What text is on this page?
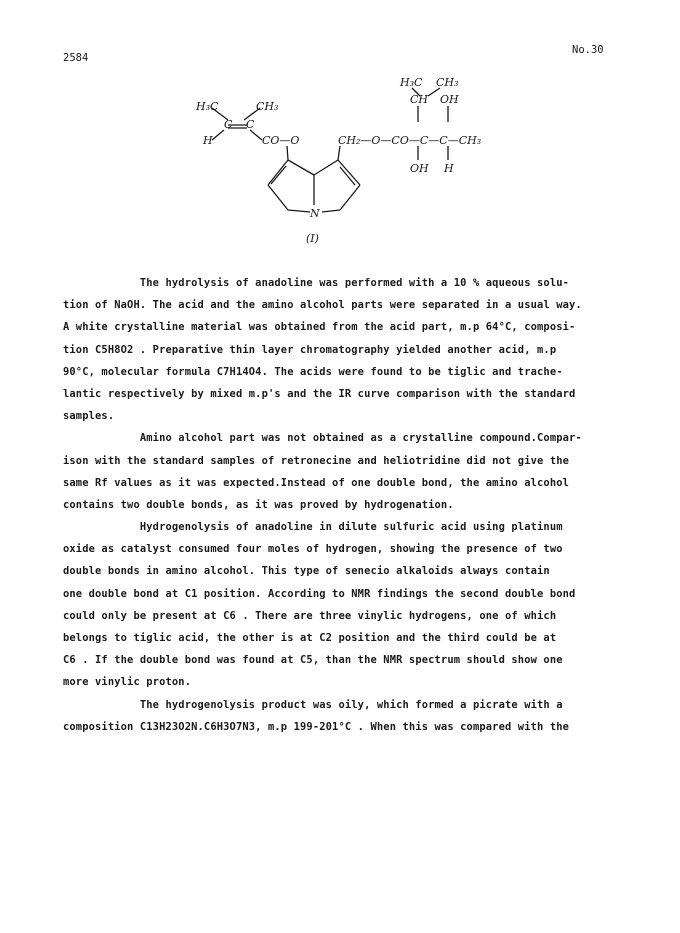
2584
No.30
H₃C	CH₃
C C
H	CO—O	CH₂—O—CO—C—C—CH₃
H₃C CH₃
CH OH
OH H
N
(I)
The hydrolysis of anadoline was performed with a 10 % aqueous solu-
tion of NaOH. The acid and the amino alcohol parts were separated in a usual way.
A white crystalline material was obtained from the acid part, m.p 64°C, composi-
tion C5H8O2 . Preparative thin layer chromatography yielded another acid, m.p
90°C, molecular formula C7H14O4. The acids were found to be tiglic and trache-
lantic respectively by mixed m.p's and the IR curve comparison with the standard
samples.
Amino alcohol part was not obtained as a crystalline compound.Compar-
ison with the standard samples of retronecine and heliotridine did not give the
same Rf values as it was expected.Instead of one double bond, the amino alcohol
contains two double bonds, as it was proved by hydrogenation.
Hydrogenolysis of anadoline in dilute sulfuric acid using platinum
oxide as catalyst consumed four moles of hydrogen, showing the presence of two
double bonds in amino alcohol. This type of senecio alkaloids always contain
one double bond at C1 position. According to NMR findings the second double bond
could only be present at C6 . There are three vinylic hydrogens, one of which
belongs to tiglic acid, the other is at C2 position and the third could be at
C6 . If the double bond was found at C5, than the NMR spectrum should show one
more vinylic proton.
The hydrogenolysis product was oily, which formed a picrate with a
composition C13H23O2N.C6H3O7N3, m.p 199-201°C . When this was compared with the
